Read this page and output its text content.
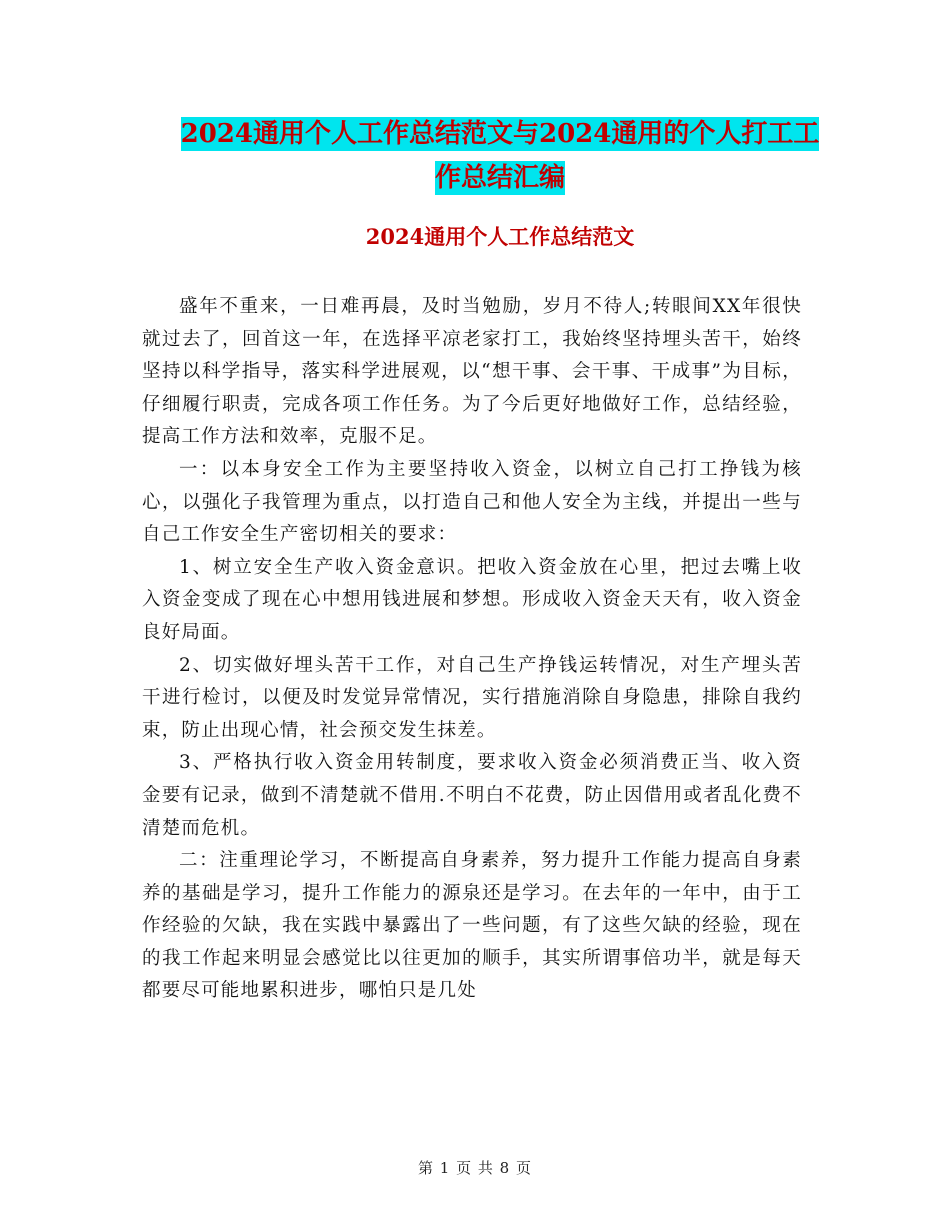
2024通用个人工作总结范文与2024通用的个人打工工
作总结汇编
2024通用个人工作总结范文

盛年不重来，一日难再晨，及时当勉励，岁月不待人;转眼间XX年很快就过去了，回首这一年，在选择平凉老家打工，我始终坚持埋头苦干，始终坚持以科学指导，落实科学进展观，以“想干事、会干事、干成事”为目标，仔细履行职责，完成各项工作任务。为了今后更好地做好工作，总结经验，提高工作方法和效率，克服不足。

一：以本身安全工作为主要坚持收入资金，以树立自己打工挣钱为核心，以强化子我管理为重点，以打造自己和他人安全为主线，并提出一些与自己工作安全生产密切相关的要求：

1、树立安全生产收入资金意识。把收入资金放在心里，把过去嘴上收入资金变成了现在心中想用钱进展和梦想。形成收入资金天天有，收入资金良好局面。

2、切实做好埋头苦干工作，对自己生产挣钱运转情况，对生产埋头苦干进行检讨，以便及时发觉异常情况，实行措施消除自身隐患，排除自我约束，防止出现心情，社会预交发生抹差。

3、严格执行收入资金用转制度，要求收入资金必须消费正当、收入资金要有记录，做到不清楚就不借用.不明白不花费，防止因借用或者乱化费不清楚而危机。

二：注重理论学习，不断提高自身素养，努力提升工作能力提高自身素养的基础是学习，提升工作能力的源泉还是学习。在去年的一年中，由于工作经验的欠缺，我在实践中暴露出了一些问题，有了这些欠缺的经验，现在的我工作起来明显会感觉比以往更加的顺手，其实所谓事倍功半，就是每天都要尽可能地累积进步，哪怕只是几处

第 1 页 共 8 页
